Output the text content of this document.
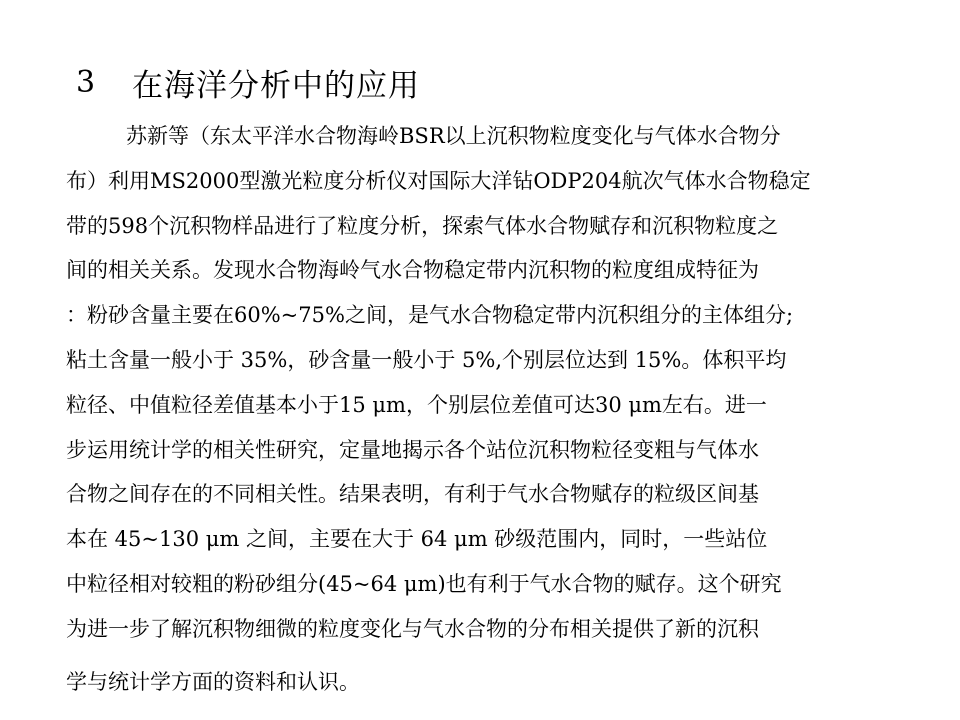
3	在海洋分析中的应用
苏新等（东太平洋水合物海岭BSR以上沉积物粒度变化与气体水合物分
布）利用MS2000型激光粒度分析仪对国际大洋钻ODP204航次气体水合物稳定
带的598个沉积物样品进行了粒度分析，探索气体水合物赋存和沉积物粒度之
间的相关关系。发现水合物海岭气水合物稳定带内沉积物的粒度组成特征为
：粉砂含量主要在60%~75%之间，是气水合物稳定带内沉积组分的主体组分;
粘土含量一般小于 35%，砂含量一般小于 5%,个别层位达到 15%。体积平均
粒径、中值粒径差值基本小于15 μm，个别层位差值可达30 μm左右。进一
步运用统计学的相关性研究，定量地揭示各个站位沉积物粒径变粗与气体水
合物之间存在的不同相关性。结果表明，有利于气水合物赋存的粒级区间基
本在 45~130 μm 之间，主要在大于 64 μm 砂级范围内，同时，一些站位
中粒径相对较粗的粉砂组分(45~64 μm)也有利于气水合物的赋存。这个研究
为进一步了解沉积物细微的粒度变化与气水合物的分布相关提供了新的沉积
学与统计学方面的资料和认识。
